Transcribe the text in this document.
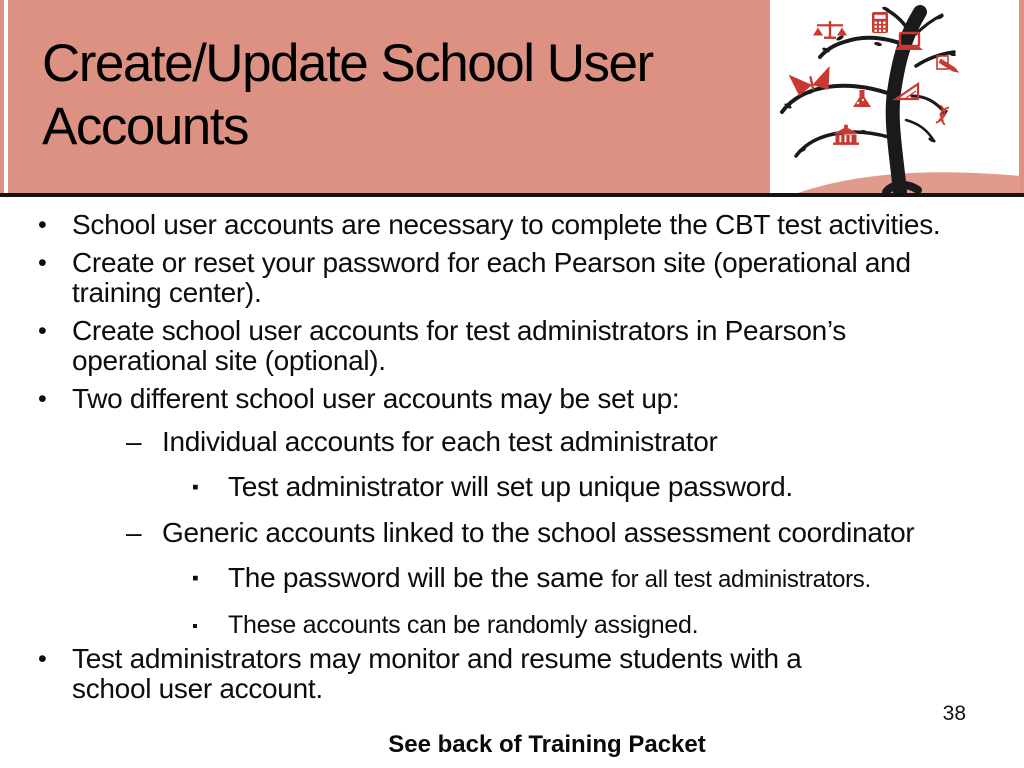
Create/Update School User Accounts
• School user accounts are necessary to complete the CBT test activities.
• Create or reset your password for each Pearson site (operational and training center).
• Create school user accounts for test administrators in Pearson’s operational site (optional).
• Two different school user accounts may be set up:
– Individual accounts for each test administrator
▪	Test administrator will set up unique password.
– Generic accounts linked to the school assessment coordinator
▪	The password will be the same for all test administrators.
▪	These accounts can be randomly assigned.
• Test administrators may monitor and resume students with a school user account.
38
See back of Training Packet
